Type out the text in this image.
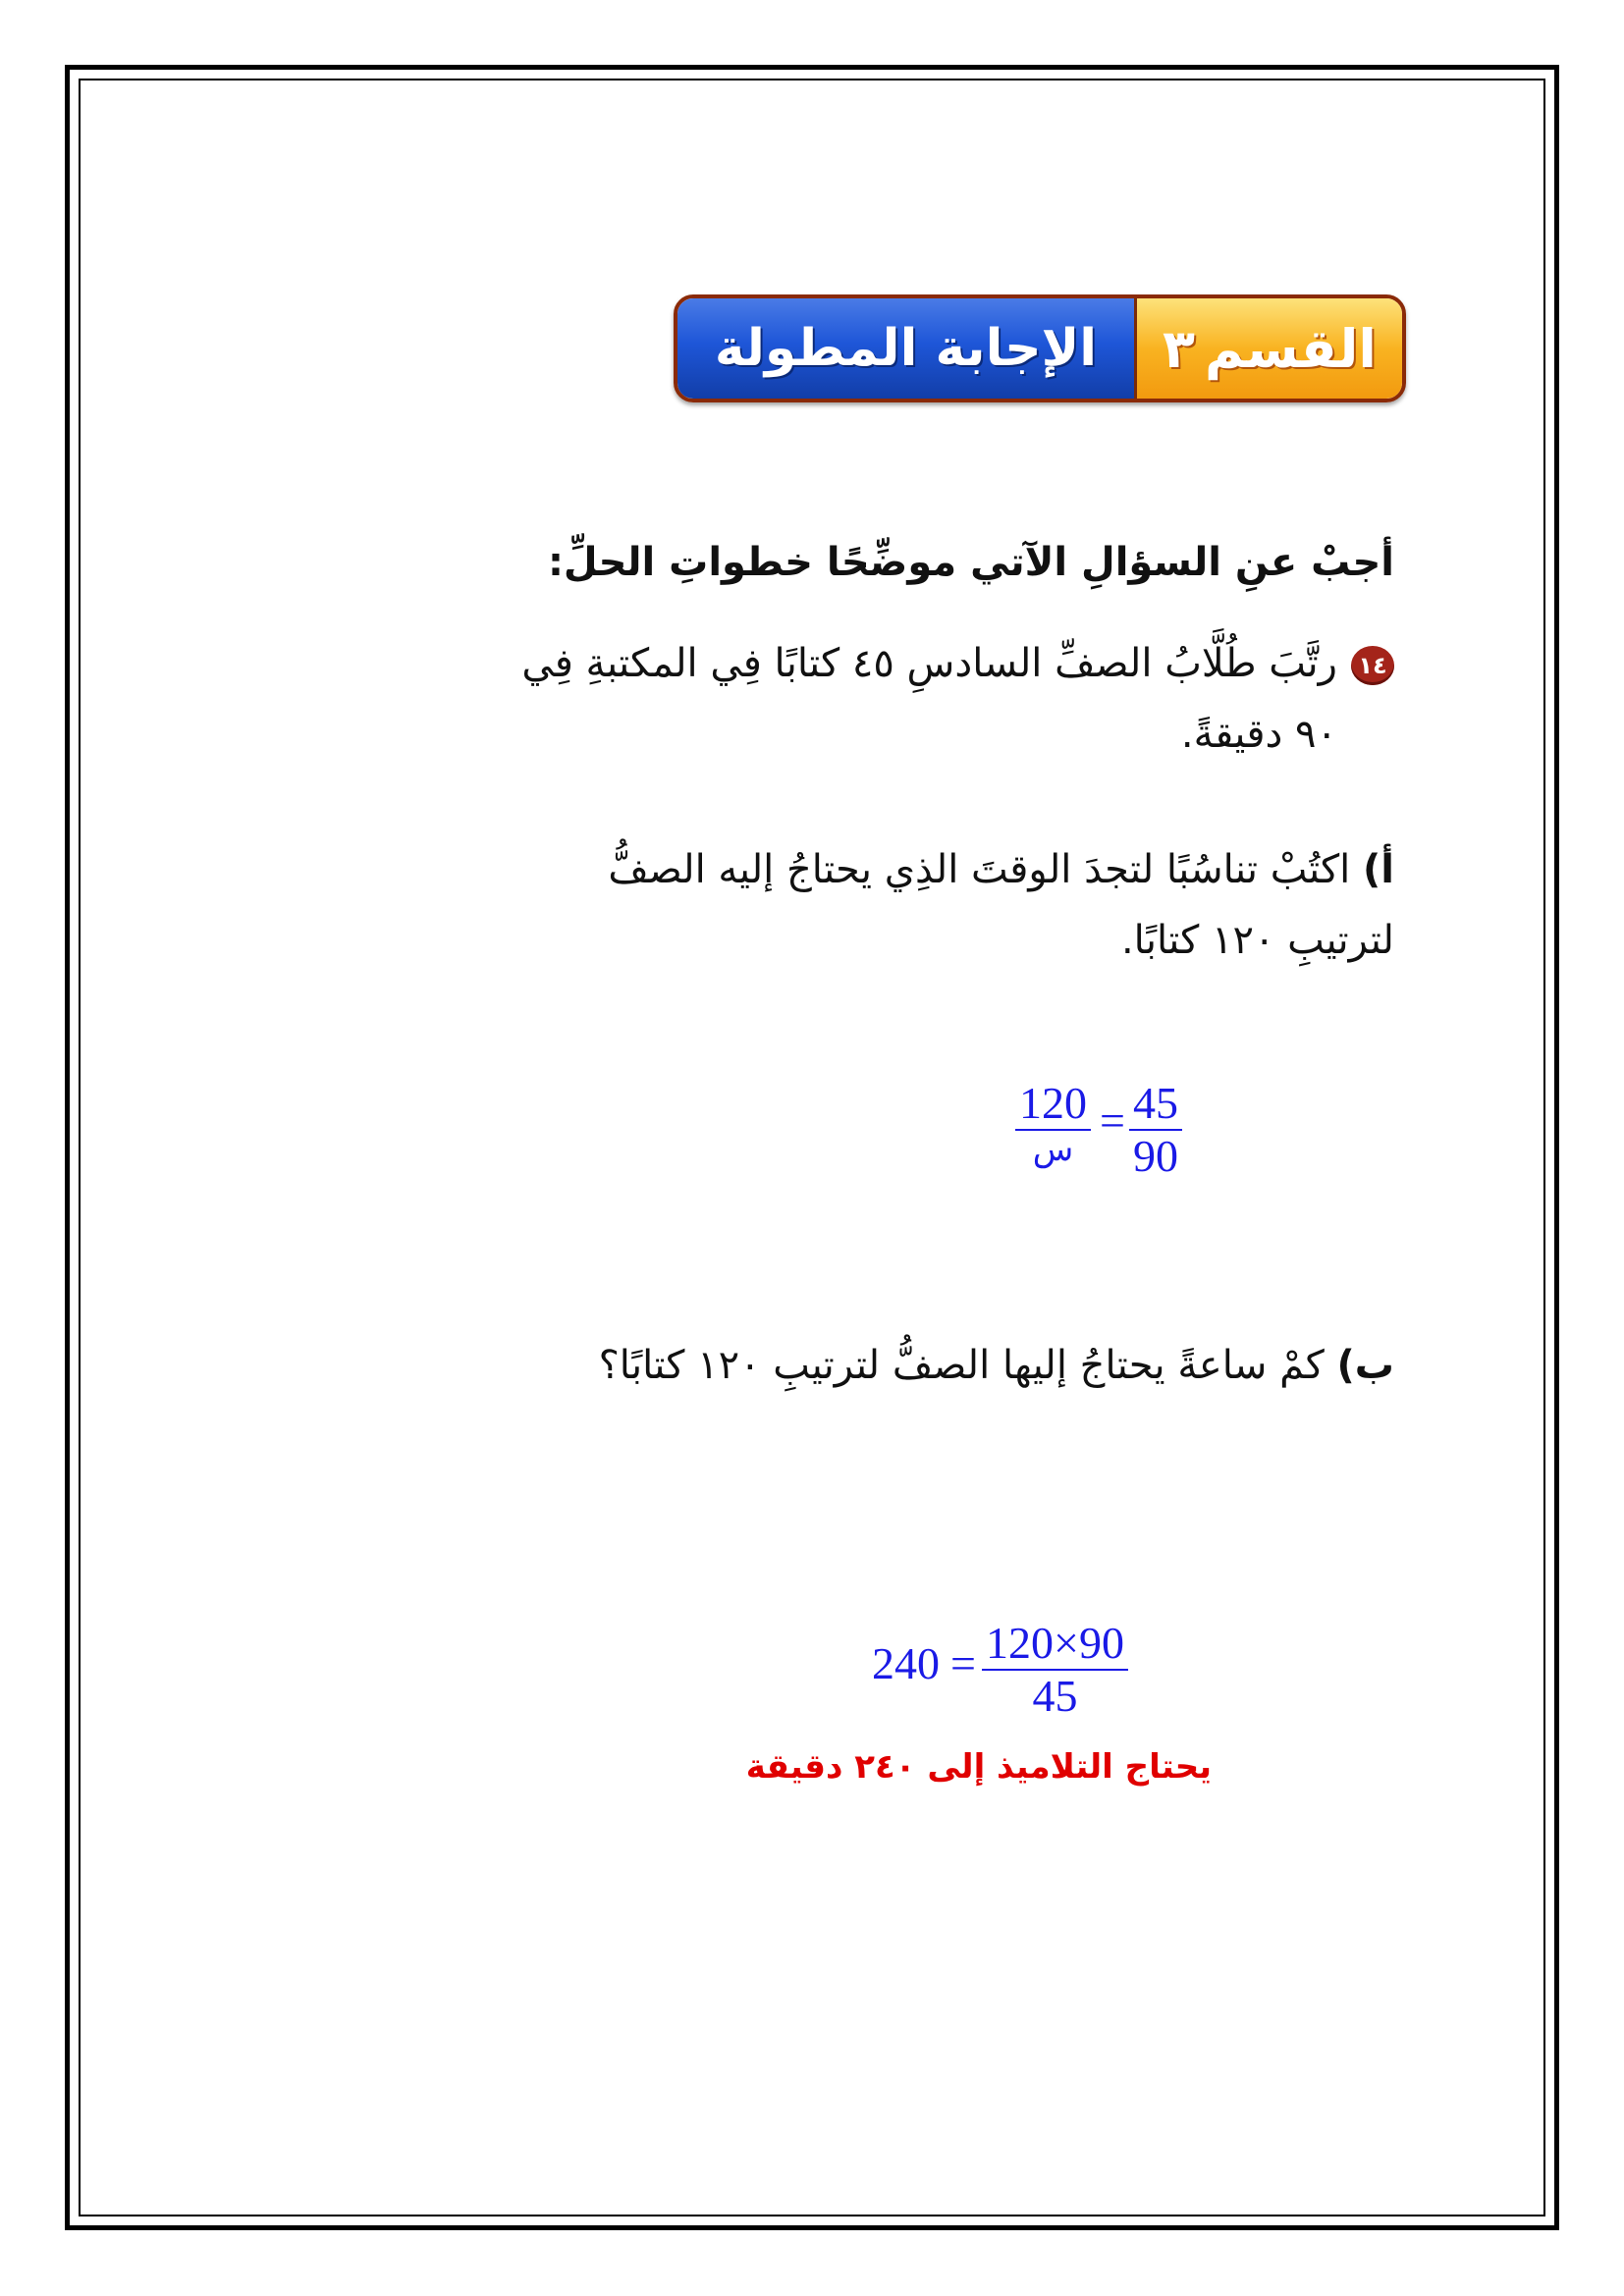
الإجابة المطولة ٣ القسم
أجبْ عنِ السؤالِ الآتي موضِّحًا خطواتِ الحلِّ:
١٤رتَّبَ طُلَّابُ الصفِّ السادسِ ٤٥ كتابًا فِي المكتبةِ فِي
٩٠ دقيقةً.
أ) اكتُبْ تناسُبًا لتجدَ الوقتَ الذِي يحتاجُ إليه الصفُّ
لترتيبِ ١٢٠ كتابًا.
120
س
= $\frac{45}{90}$
ب) كمْ ساعةً يحتاجُ إليها الصفُّ لترتيبِ ١٢٠ كتابًا؟
$240 = \frac{120\times 90}{45}$
يحتاج التلاميذ إلى ٢٤٠ دقيقة
